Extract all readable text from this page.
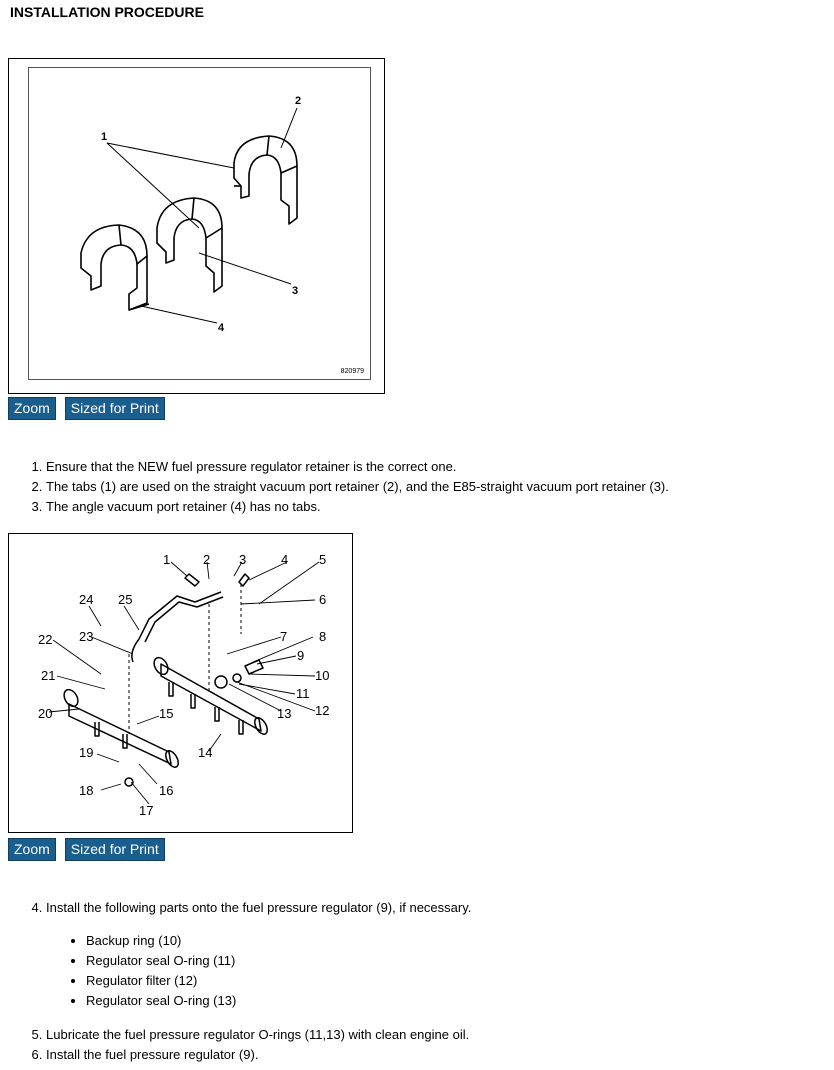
INSTALLATION PROCEDURE
1
2
3
4
820979
Zoom	Sized for Print
1. Ensure that the NEW fuel pressure regulator retainer is the correct one.
2. The tabs (1) are used on the straight vacuum port retainer (2), and the E85-straight vacuum port retainer (3).
3. The angle vacuum port retainer (4) has no tabs.
1	2 3	4 5
6
7 8
9
10
11
12
13
14
15
16
17
18
19
20
21
22 23
24 25
Zoom	Sized for Print
4. Install the following parts onto the fuel pressure regulator (9), if necessary.
• Backup ring (10)
• Regulator seal O-ring (11)
• Regulator filter (12)
• Regulator seal O-ring (13)
5. Lubricate the fuel pressure regulator O-rings (11,13) with clean engine oil.
6. Install the fuel pressure regulator (9).
